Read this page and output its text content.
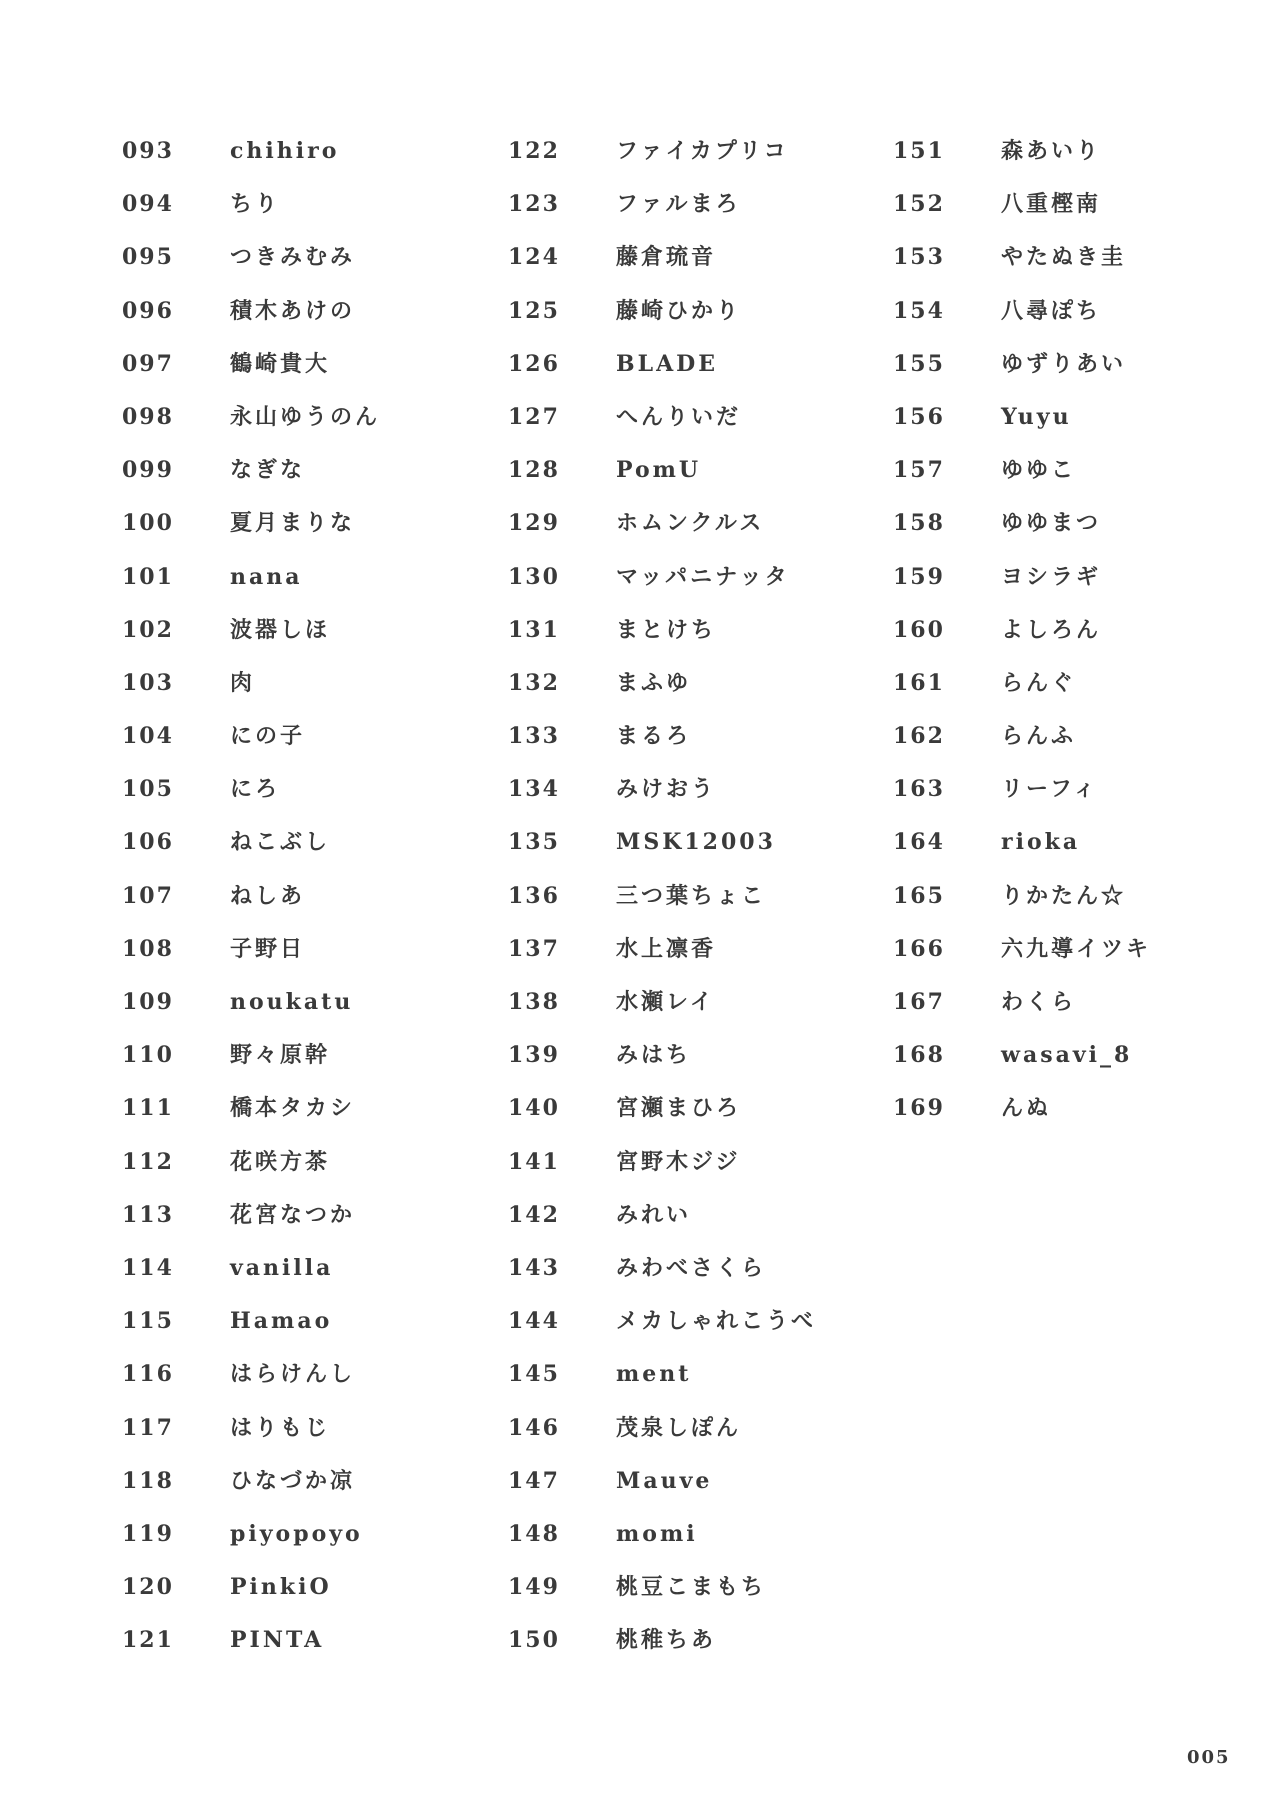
093	chihiro
094	ちり
095	つきみむみ
096	積木あけの
097	鶴崎貴大
098	永山ゆうのん
099	なぎな
100	夏月まりな
101	nana
102	波器しほ
103	肉
104	にの子
105	にろ
106	ねこぶし
107	ねしあ
108	子野日
109	noukatu
110	野々原幹
111	橋本タカシ
112	花咲方茶
113	花宮なつか
114	vanilla
115	Hamao
116	はらけんし
117	はりもじ
118	ひなづか凉
119	piyopoyo
120	PinkiO
121	PINTA
122	ファイカプリコ
123	ファルまろ
124	藤倉琉音
125	藤崎ひかり
126	BLADE
127	へんりいだ
128	PomU
129	ホムンクルス
130	マッパニナッタ
131	まとけち
132	まふゆ
133	まるろ
134	みけおう
135	MSK12003
136	三つ葉ちょこ
137	水上凛香
138	水瀬レイ
139	みはち
140	宮瀬まひろ
141	宮野木ジジ
142	みれい
143	みわべさくら
144	メカしゃれこうべ
145	ment
146	茂泉しぽん
147	Mauve
148	momi
149	桃豆こまもち
150	桃稚ちあ
151	森あいり
152	八重樫南
153	やたぬき圭
154	八尋ぽち
155	ゆずりあい
156	Yuyu
157	ゆゆこ
158	ゆゆまつ
159	ヨシラギ
160	よしろん
161	らんぐ
162	らんふ
163	リーフィ
164	rioka
165	りかたん☆
166	六九導イツキ
167	わくら
168	wasavi_8
169	んぬ
005
